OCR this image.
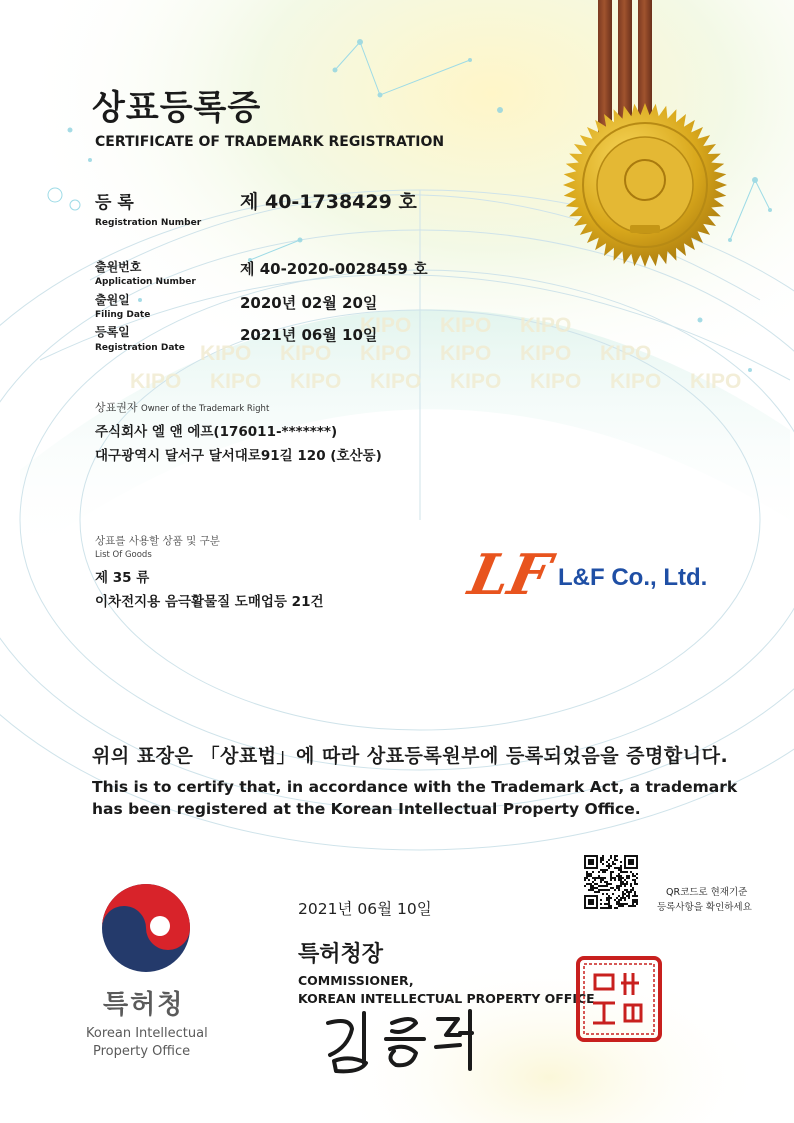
KIPO KIPO KIPO
KIPO KIPO KIPO KIPO KIPO KIPO
KIPO KIPO KIPO KIPO KIPO KIPO KIPO KIPO
상표등록증
CERTIFICATE OF TRADEMARK REGISTRATION
등 록
Registration Number
제 40-1738429 호
출원번호
Application Number
제 40-2020-0028459 호
출원일
Filing Date
2020년 02월 20일
등록일
Registration Date
2021년 06월 10일
상표권자 Owner of the Trademark Right
주식회사 엘 앤 에프(176011-*******)
대구광역시 달서구 달서대로91길 120 (호산동)
상표를 사용할 상품 및 구분
List Of Goods
제 35 류
이차전지용 음극활물질 도매업등 21건 LF L&F Co., Ltd.
위의 표장은 「상표법」에 따라 상표등록원부에 등록되었음을 증명합니다.
This is to certify that, in accordance with the Trademark Act, a trademark
has been registered at the Korean Intellectual Property Office.
QR코드로 현재기준
등록사항을 확인하세요
2021년 06월 10일
특허청장
COMMISSIONER,
KOREAN INTELLECTUAL PROPERTY OFFICE
특허청
Korean Intellectual
Property Office
